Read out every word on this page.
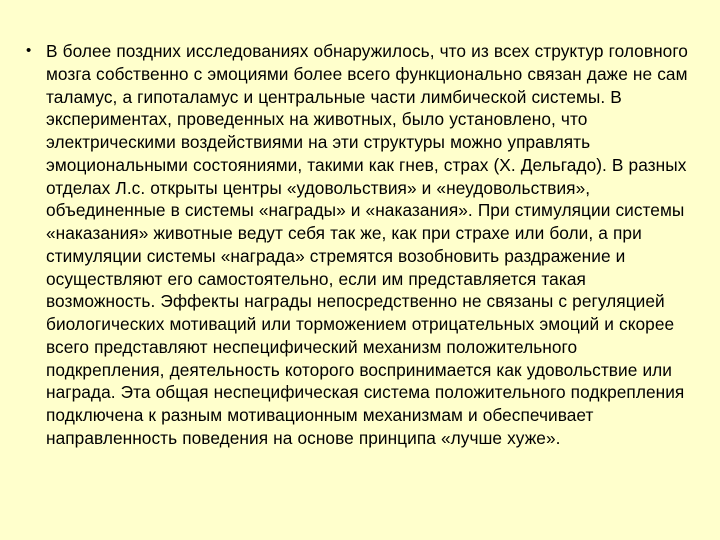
• В более поздних исследованиях обнаружилось, что из всех структур головного мозга собственно с эмоциями более всего функционально связан даже не сам таламус, а гипоталамус и центральные части лимбической системы. В экспериментах, проведенных на животных, было установлено, что электрическими воздействиями на эти структуры можно управлять эмоциональными состояниями, такими как гнев, страх (Х. Дельгадо). В разных отделах Л.с. открыты центры «удовольствия» и «неудовольствия», объединенные в системы «награды» и «наказания». При стимуляции системы «наказания» животные ведут себя так же, как при страхе или боли, а при стимуляции системы «награда» стремятся возобновить раздражение и осуществляют его самостоятельно, если им представляется такая возможность. Эффекты награды непосредственно не связаны с регуляцией биологических мотиваций или торможением отрицательных эмоций и скорее всего представляют неспецифический механизм положительного подкрепления, деятельность которого воспринимается как удовольствие или награда. Эта общая неспецифическая система положительного подкрепления подключена к разным мотивационным механизмам и обеспечивает направленность поведения на основе принципа «лучше хуже».
